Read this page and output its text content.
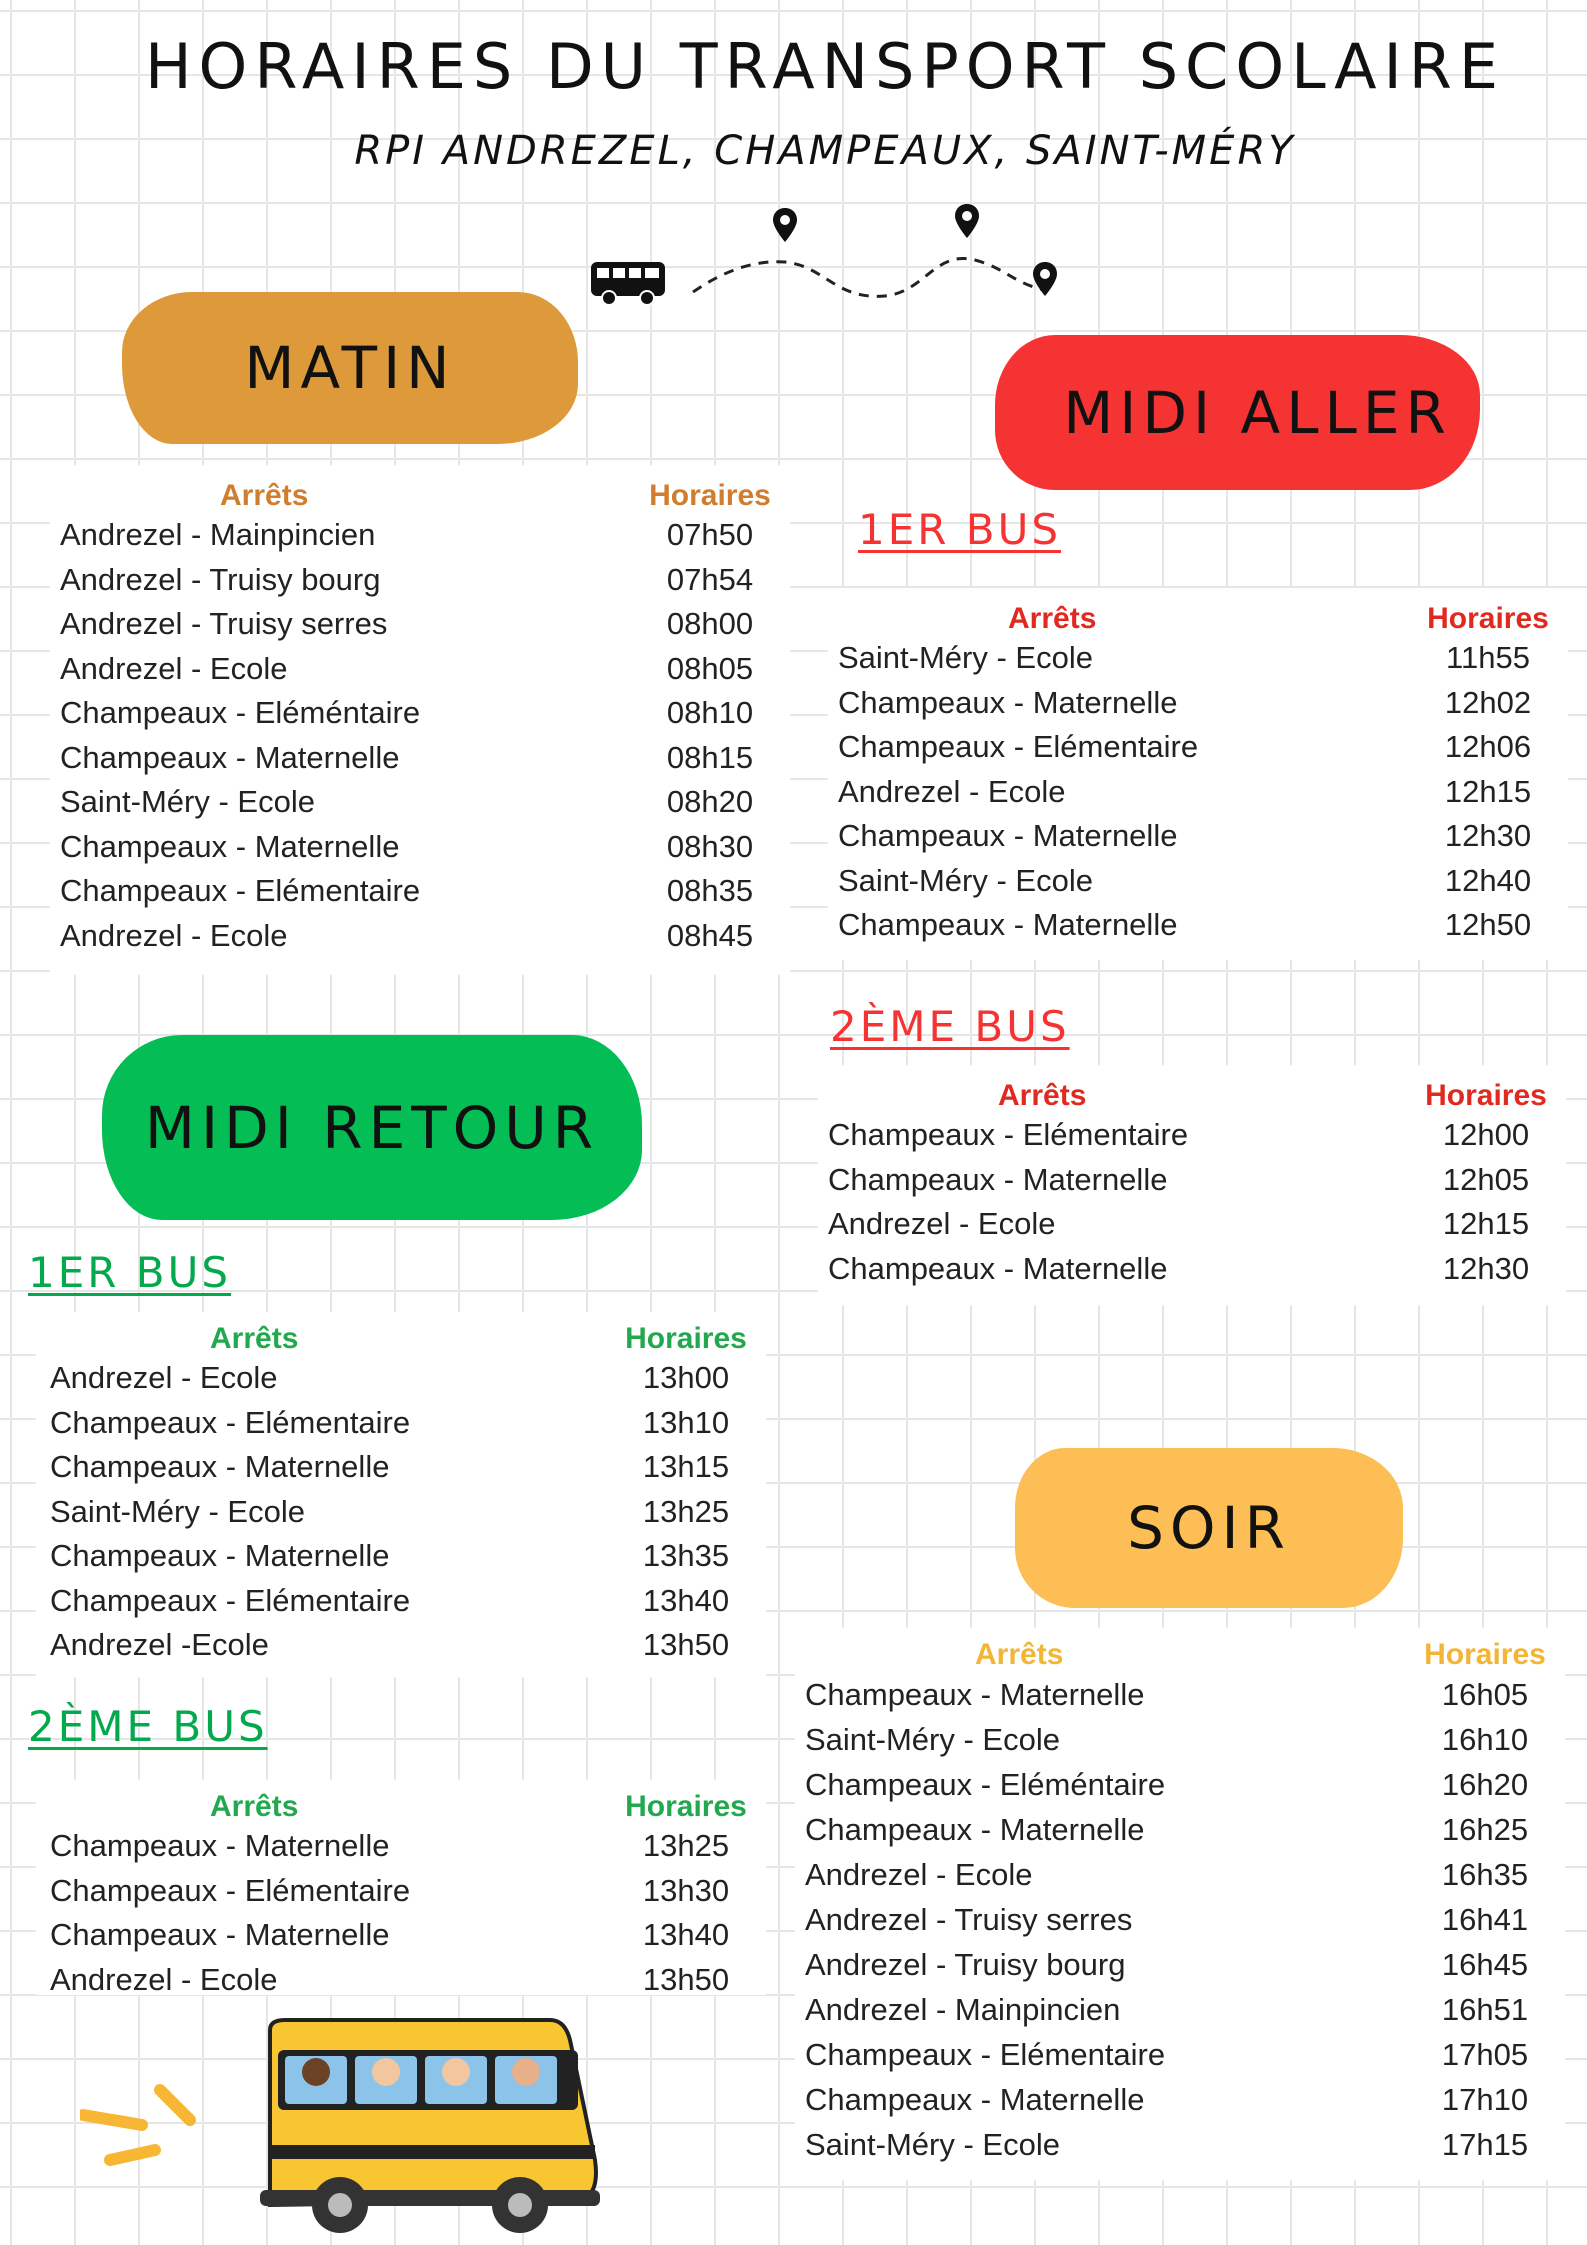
HORAIRES DU TRANSPORT SCOLAIRE
RPI ANDREZEL, CHAMPEAUX, SAINT-MÉRY
MATIN
Arrêts	Horaires
Andrezel - Mainpincien	07h50
Andrezel - Truisy bourg	07h54
Andrezel - Truisy serres	08h00
Andrezel - Ecole	08h05
Champeaux - Eléméntaire	08h10
Champeaux - Maternelle	08h15
Saint-Méry - Ecole	08h20
Champeaux - Maternelle	08h30
Champeaux - Elémentaire	08h35
Andrezel - Ecole	08h45
MIDI ALLER
1ER BUS
Arrêts	Horaires
Saint-Méry - Ecole	11h55
Champeaux - Maternelle	12h02
Champeaux - Elémentaire	12h06
Andrezel - Ecole	12h15
Champeaux - Maternelle	12h30
Saint-Méry - Ecole	12h40
Champeaux - Maternelle	12h50
2ÈME BUS
Arrêts	Horaires
Champeaux - Elémentaire	12h00
Champeaux - Maternelle	12h05
Andrezel - Ecole	12h15
Champeaux - Maternelle	12h30
MIDI RETOUR
1ER BUS
Arrêts	Horaires
Andrezel - Ecole	13h00
Champeaux - Elémentaire	13h10
Champeaux - Maternelle	13h15
Saint-Méry - Ecole	13h25
Champeaux - Maternelle	13h35
Champeaux - Elémentaire	13h40
Andrezel -Ecole	13h50
2ÈME BUS
Arrêts	Horaires
Champeaux - Maternelle	13h25
Champeaux - Elémentaire	13h30
Champeaux - Maternelle	13h40
Andrezel - Ecole	13h50
SOIR
Arrêts	Horaires
Champeaux - Maternelle	16h05
Saint-Méry - Ecole	16h10
Champeaux - Eléméntaire	16h20
Champeaux - Maternelle	16h25
Andrezel - Ecole	16h35
Andrezel - Truisy serres	16h41
Andrezel - Truisy bourg	16h45
Andrezel - Mainpincien	16h51
Champeaux - Elémentaire	17h05
Champeaux - Maternelle	17h10
Saint-Méry - Ecole	17h15
